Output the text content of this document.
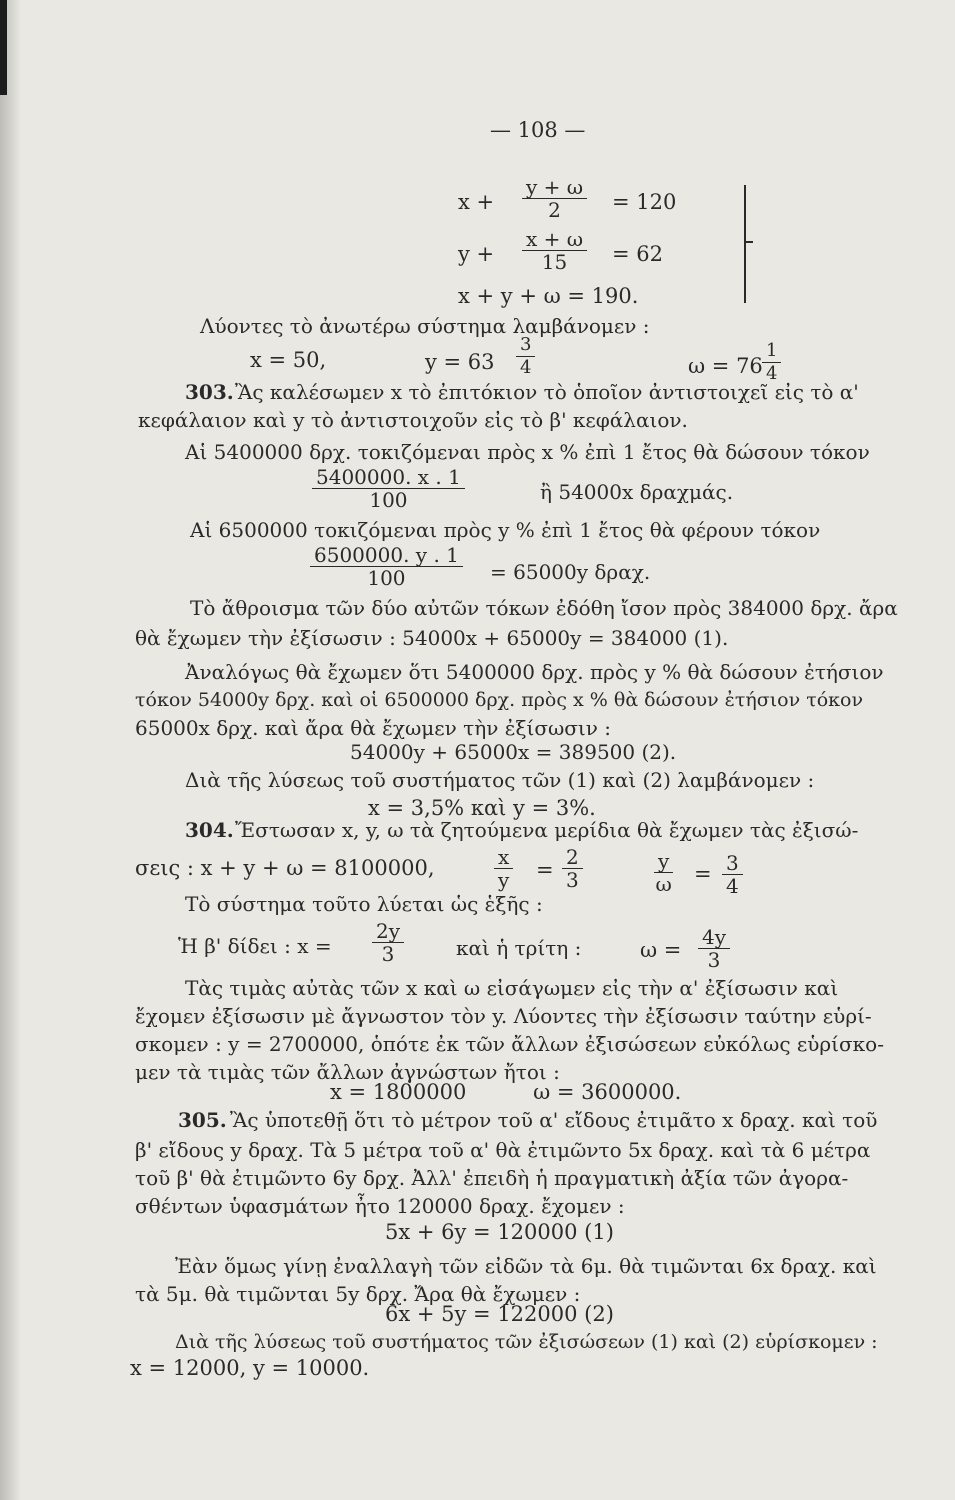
— 108 —
$x + \frac{y + \omega}{2} = 120$
$y + \frac{x + \omega}{15} = 62$
x + y + ω = 190.
Λύοντες τὸ ἀνωτέρω σύστημα λαμβάνομεν :
x = 50,	$y = 63 \frac{3}{4}$	$\omega = 76 \frac{1}{4}$
303. Ἂς καλέσωμεν x τὸ ἐπιτόκιον τὸ ὁποῖον ἀντιστοιχεῖ εἰς τὸ α'
κεφάλαιον καὶ y τὸ ἀντιστοιχοῦν εἰς τὸ β' κεφάλαιον.
Αἱ 5400000 δρχ. τοκιζόμεναι πρὸς x % ἐπὶ 1 ἔτος θὰ δώσουν τόκον
$\frac{5400000. x . 1}{100}$	ἢ 54000x δραχμάς.
Αἱ 6500000 τοκιζόμεναι πρὸς y % ἐπὶ 1 ἔτος θὰ φέρουν τόκον
$\frac{6500000. y . 1}{100} = 65000y$ δραχ.
Τὸ ἄθροισμα τῶν δύο αὐτῶν τόκων ἐδόθη ἴσον πρὸς 384000 δρχ. ἄρα
θὰ ἔχωμεν τὴν ἐξίσωσιν : 54000x + 65000y = 384000 (1).
Ἀναλόγως θὰ ἔχωμεν ὅτι 5400000 δρχ. πρὸς y % θὰ δώσουν ἐτήσιον
τόκον 54000y δρχ. καὶ οἱ 6500000 δρχ. πρὸς x % θὰ δώσουν ἐτήσιον τόκον
65000x δρχ. καὶ ἄρα θὰ ἔχωμεν τὴν ἐξίσωσιν :
54000y + 65000x = 389500 (2).
Διὰ τῆς λύσεως τοῦ συστήματος τῶν (1) καὶ (2) λαμβάνομεν :
x = 3,5% καὶ y = 3%.
304. Ἔστωσαν x, y, ω τὰ ζητούμενα μερίδια θὰ ἔχωμεν τὰς ἐξισώ-
σεις : x + y + ω = 8100000,	$\frac{x}{y} = \frac{2}{3}$	$\frac{y}{\omega} = \frac{3}{4}$
Τὸ σύστημα τοῦτο λύεται ὡς ἑξῆς :
Ἡ β' δίδει : $x = \frac{2y}{3}$	καὶ ἡ τρίτη :	$\omega = \frac{4y}{3}$
Τὰς τιμὰς αὐτὰς τῶν x καὶ ω εἰσάγωμεν εἰς τὴν α' ἐξίσωσιν καὶ
ἔχομεν ἐξίσωσιν μὲ ἄγνωστον τὸν y. Λύοντες τὴν ἐξίσωσιν ταύτην εὑρί-
σκομεν : y = 2700000, ὁπότε ἐκ τῶν ἄλλων ἐξισώσεων εὐκόλως εὑρίσκο-
μεν τὰ τιμὰς τῶν ἄλλων ἀγνώστων ἤτοι :
x = 1800000          ω = 3600000.
305. Ἂς ὑποτεθῇ ὅτι τὸ μέτρον τοῦ α' εἴδους ἐτιμᾶτο x δραχ. καὶ τοῦ
β' εἴδους y δραχ. Τὰ 5 μέτρα τοῦ α' θὰ ἐτιμῶντο 5x δραχ. καὶ τὰ 6 μέτρα
τοῦ β' θὰ ἐτιμῶντο 6y δρχ. Ἀλλ' ἐπειδὴ ἡ πραγματικὴ ἀξία τῶν ἀγορα-
σθέντων ὑφασμάτων ἦτο 120000 δραχ. ἔχομεν :
5x + 6y = 120000 (1)
Ἐὰν ὅμως γίνῃ ἐναλλαγὴ τῶν εἰδῶν τὰ 6μ. θὰ τιμῶνται 6x δραχ. καὶ
τὰ 5μ. θὰ τιμῶνται 5y δρχ. Ἄρα θὰ ἔχωμεν :
6x + 5y = 122000 (2)
Διὰ τῆς λύσεως τοῦ συστήματος τῶν ἐξισώσεων (1) καὶ (2) εὑρίσκομεν :
x = 12000, y = 10000.
